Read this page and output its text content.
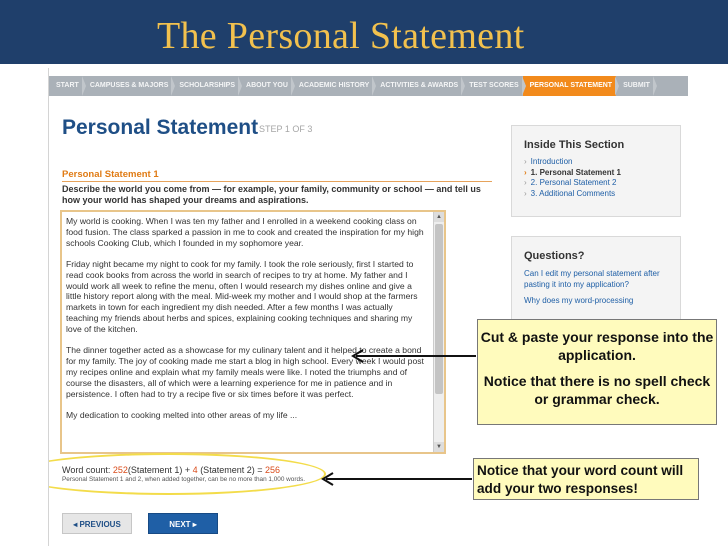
The Personal Statement
START	CAMPUSES & MAJORS	SCHOLARSHIPS	ABOUT YOU	ACADEMIC HISTORY	ACTIVITIES & AWARDS	TEST SCORES	PERSONAL STATEMENT	SUBMIT
Personal Statement STEP 1 OF 3
Personal Statement 1
Describe the world you come from — for example, your family, community or school — and tell us how your world has shaped your dreams and aspirations.

My world is cooking. When I was ten my father and I enrolled in a weekend cooking class on food fusion. The class sparked a passion in me to cook and created the inspiration for my high schools Cooking Club, which I founded in my sophomore year.

Friday night became my night to cook for my family. I took the role seriously, first I started to read cook books from across the world in search of recipes to try at home. My father and I would work all week to refine the menu, often I would research my dishes online and give a little history report along with the meal. Mid-week my mother and I would shop at the farmers markets in town for each ingredient my dish needed. After a few months I was actually teaching my friends about herbs and spices, explaining cooking techniques and sharing my love of the kitchen.

The dinner together acted as a showcase for my culinary talent and it helped to create a bond for my family. The joy of cooking made me start a blog in high school. Every week I would post my recipes online and explain what my family meals were like. I noted the triumphs and of course the disasters, all of which were a learning experience for me in patience and in persistence. I often had to try a recipe five or six times before it was perfect.

My dedication to cooking melted into other areas of my life ...

▲
▼
Word count: 252(Statement 1) + 4 (Statement 2) = 256
Personal Statement 1 and 2, when added together, can be no more than 1,000 words.
◂ PREVIOUS	NEXT ▸
Inside This Section
› Introduction
› 1. Personal Statement 1
› 2. Personal Statement 2
› 3. Additional Comments
Questions?
Can I edit my personal statement after pasting it into my application?
Why does my word-processing

Cut & paste your response into the application.

Notice that there is no spell check or grammar check.

Notice that your word count will add your two responses!
